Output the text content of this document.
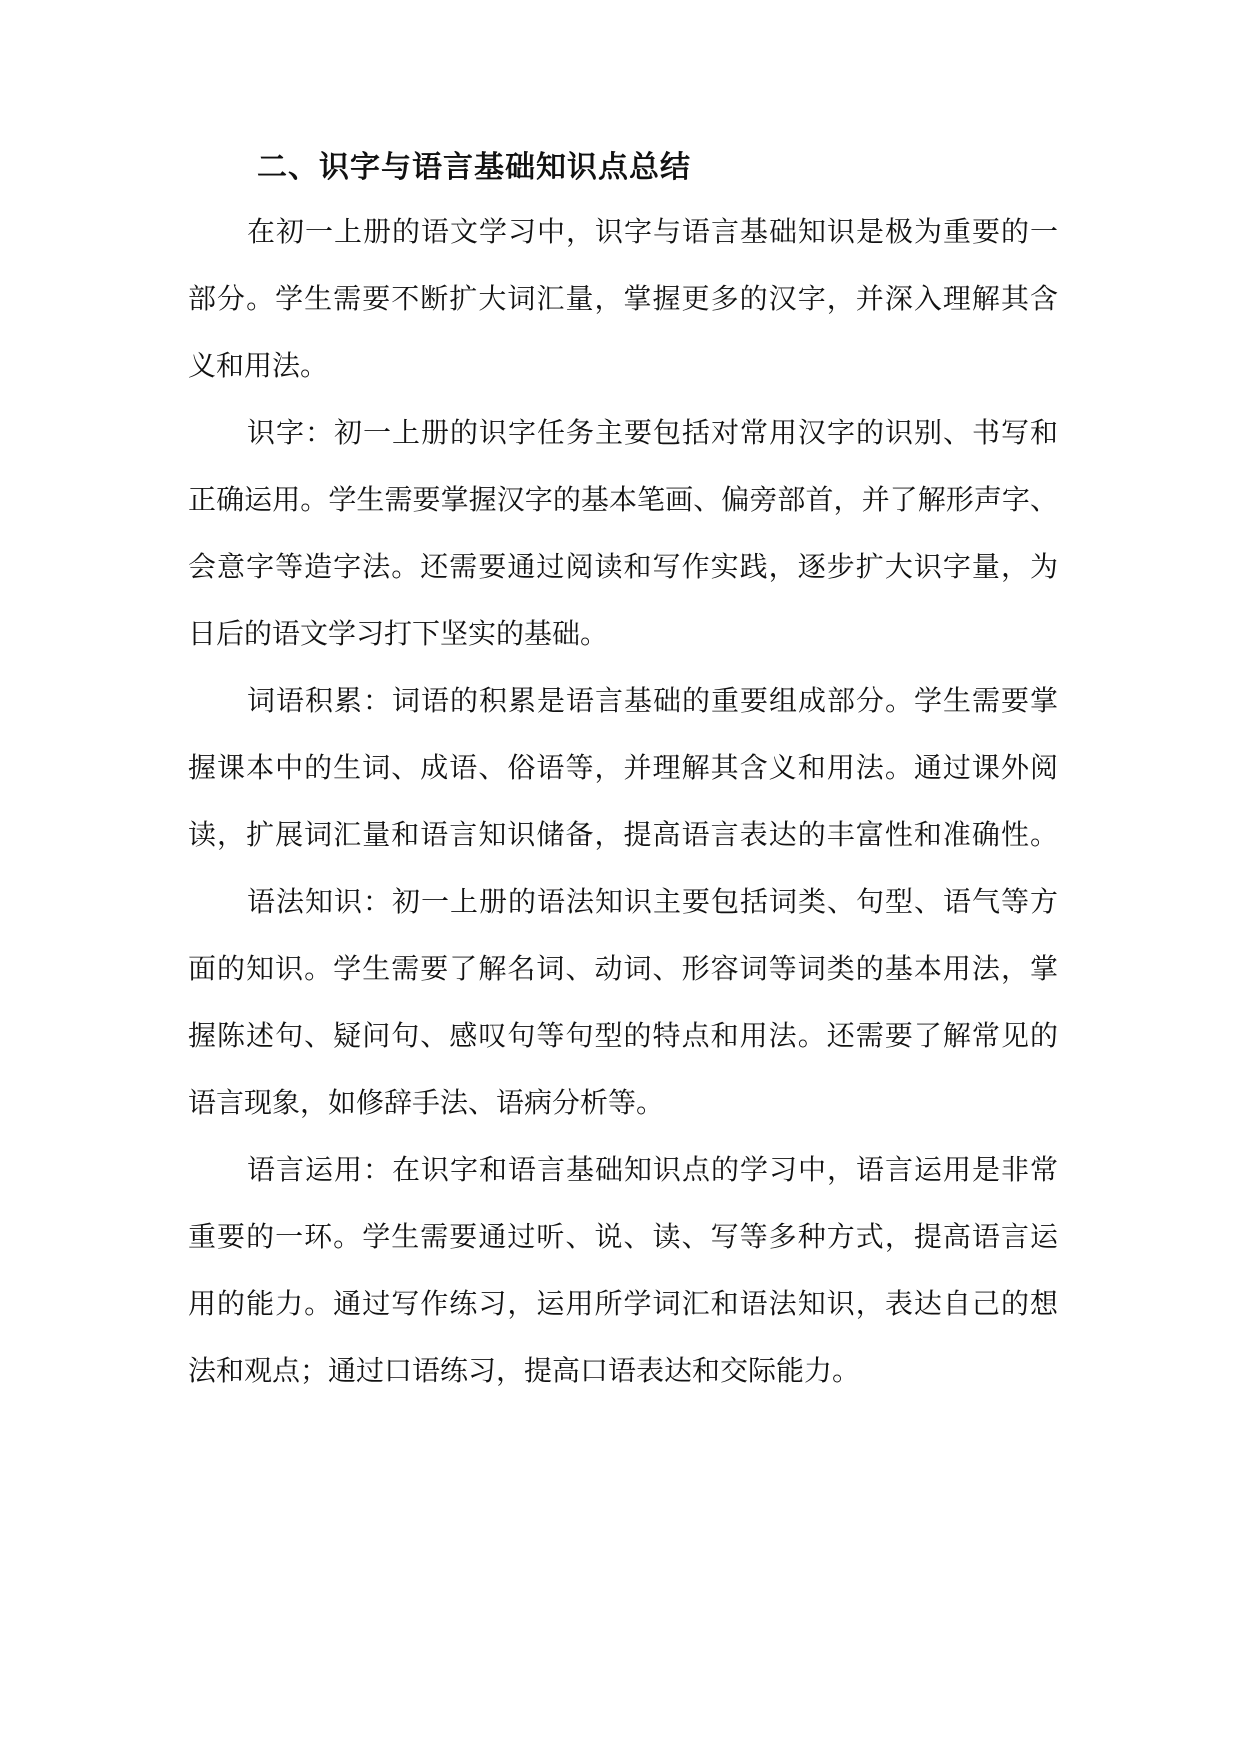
二、识字与语言基础知识点总结

在初一上册的语文学习中，识字与语言基础知识是极为重要的一

部分。学生需要不断扩大词汇量，掌握更多的汉字，并深入理解其含

义和用法。

识字：初一上册的识字任务主要包括对常用汉字的识别、书写和

正确运用。学生需要掌握汉字的基本笔画、偏旁部首，并了解形声字、

会意字等造字法。还需要通过阅读和写作实践，逐步扩大识字量，为

日后的语文学习打下坚实的基础。

词语积累：词语的积累是语言基础的重要组成部分。学生需要掌

握课本中的生词、成语、俗语等，并理解其含义和用法。通过课外阅

读，扩展词汇量和语言知识储备，提高语言表达的丰富性和准确性。

语法知识：初一上册的语法知识主要包括词类、句型、语气等方

面的知识。学生需要了解名词、动词、形容词等词类的基本用法，掌

握陈述句、疑问句、感叹句等句型的特点和用法。还需要了解常见的

语言现象，如修辞手法、语病分析等。

语言运用：在识字和语言基础知识点的学习中，语言运用是非常

重要的一环。学生需要通过听、说、读、写等多种方式，提高语言运

用的能力。通过写作练习，运用所学词汇和语法知识，表达自己的想

法和观点；通过口语练习，提高口语表达和交际能力。
